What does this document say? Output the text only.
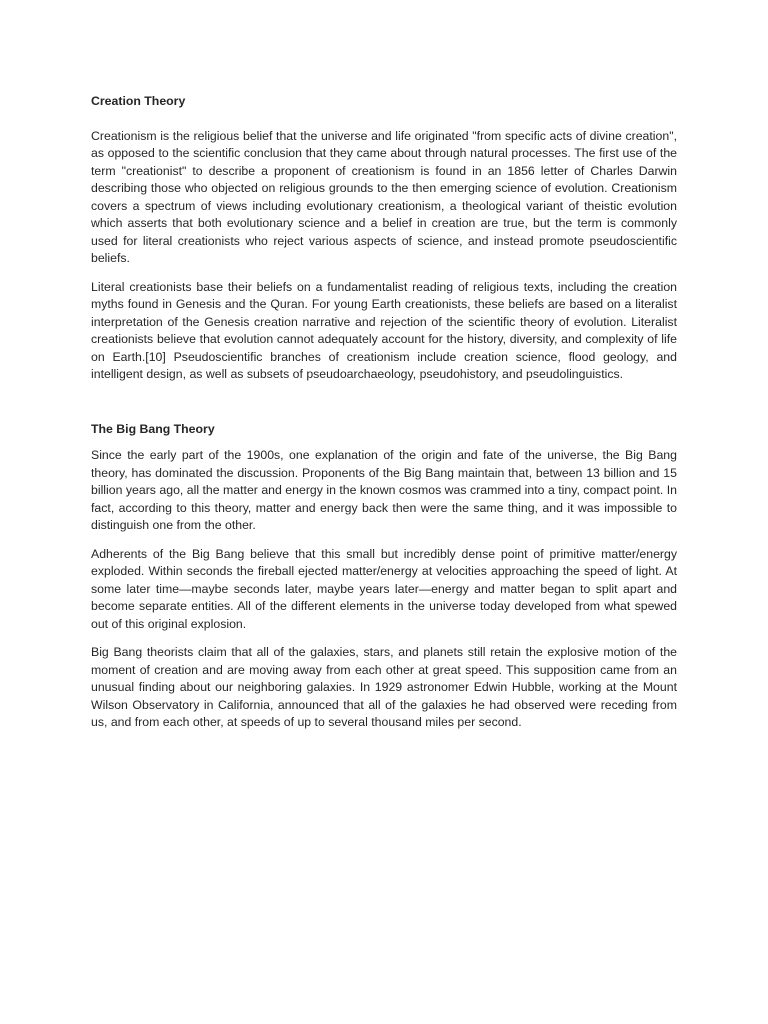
Creation Theory

Creationism is the religious belief that the universe and life originated "from specific acts of divine creation", as opposed to the scientific conclusion that they came about through natural processes. The first use of the term "creationist" to describe a proponent of creationism is found in an 1856 letter of Charles Darwin describing those who objected on religious grounds to the then emerging science of evolution. Creationism covers a spectrum of views including evolutionary creationism, a theological variant of theistic evolution which asserts that both evolutionary science and a belief in creation are true, but the term is commonly used for literal creationists who reject various aspects of science, and instead promote pseudoscientific beliefs.

Literal creationists base their beliefs on a fundamentalist reading of religious texts, including the creation myths found in Genesis and the Quran. For young Earth creationists, these beliefs are based on a literalist interpretation of the Genesis creation narrative and rejection of the scientific theory of evolution. Literalist creationists believe that evolution cannot adequately account for the history, diversity, and complexity of life on Earth.[10] Pseudoscientific branches of creationism include creation science, flood geology, and intelligent design, as well as subsets of pseudoarchaeology, pseudohistory, and pseudolinguistics.

The Big Bang Theory

Since the early part of the 1900s, one explanation of the origin and fate of the universe, the Big Bang theory, has dominated the discussion. Proponents of the Big Bang maintain that, between 13 billion and 15 billion years ago, all the matter and energy in the known cosmos was crammed into a tiny, compact point. In fact, according to this theory, matter and energy back then were the same thing, and it was impossible to distinguish one from the other.

Adherents of the Big Bang believe that this small but incredibly dense point of primitive matter/energy exploded. Within seconds the fireball ejected matter/energy at velocities approaching the speed of light. At some later time—maybe seconds later, maybe years later—energy and matter began to split apart and become separate entities. All of the different elements in the universe today developed from what spewed out of this original explosion.

Big Bang theorists claim that all of the galaxies, stars, and planets still retain the explosive motion of the moment of creation and are moving away from each other at great speed. This supposition came from an unusual finding about our neighboring galaxies. In 1929 astronomer Edwin Hubble, working at the Mount Wilson Observatory in California, announced that all of the galaxies he had observed were receding from us, and from each other, at speeds of up to several thousand miles per second.
